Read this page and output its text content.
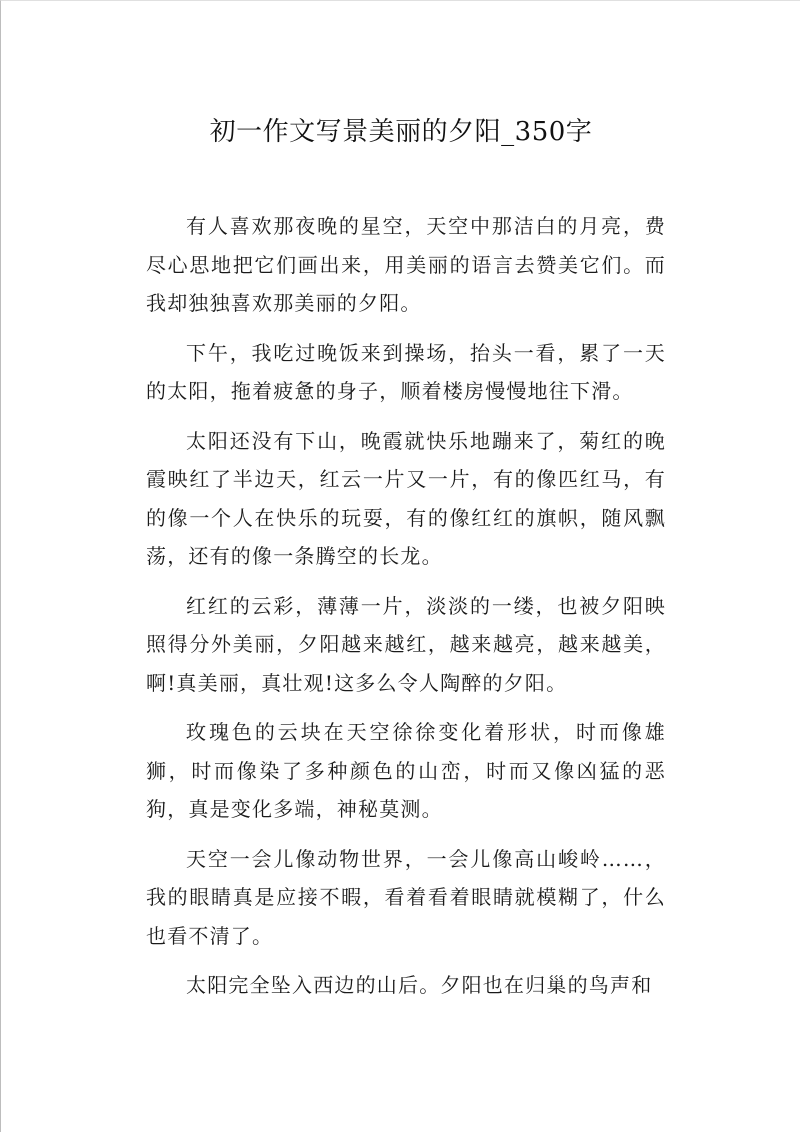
初一作文写景美丽的夕阳_350字

有人喜欢那夜晚的星空，天空中那洁白的月亮，费尽心思地把它们画出来，用美丽的语言去赞美它们。而我却独独喜欢那美丽的夕阳。

下午，我吃过晚饭来到操场，抬头一看，累了一天的太阳，拖着疲惫的身子，顺着楼房慢慢地往下滑。

太阳还没有下山，晚霞就快乐地蹦来了，菊红的晚霞映红了半边天，红云一片又一片，有的像匹红马，有的像一个人在快乐的玩耍，有的像红红的旗帜，随风飘荡，还有的像一条腾空的长龙。

红红的云彩，薄薄一片，淡淡的一缕，也被夕阳映照得分外美丽，夕阳越来越红，越来越亮，越来越美，啊!真美丽，真壮观!这多么令人陶醉的夕阳。

玫瑰色的云块在天空徐徐变化着形状，时而像雄狮，时而像染了多种颜色的山峦，时而又像凶猛的恶狗，真是变化多端，神秘莫测。

天空一会儿像动物世界，一会儿像高山峻岭……，我的眼睛真是应接不暇，看着看着眼睛就模糊了，什么也看不清了。

太阳完全坠入西边的山后。夕阳也在归巢的鸟声和
